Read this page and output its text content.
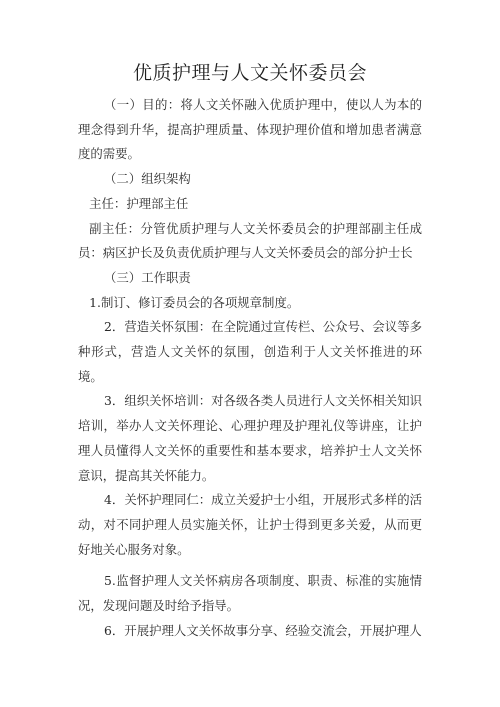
优质护理与人文关怀委员会

（一）目的：将人文关怀融入优质护理中，使以人为本的理念得到升华，提高护理质量、体现护理价值和增加患者满意度的需要。

（二）组织架构

主任：护理部主任

副主任：分管优质护理与人文关怀委员会的护理部副主任成员：病区护长及负责优质护理与人文关怀委员会的部分护士长

（三）工作职责

1.制订、修订委员会的各项规章制度。

2．营造关怀氛围：在全院通过宣传栏、公众号、会议等多种形式，营造人文关怀的氛围，创造利于人文关怀推进的环境。

3．组织关怀培训：对各级各类人员进行人文关怀相关知识培训，举办人文关怀理论、心理护理及护理礼仪等讲座，让护理人员懂得人文关怀的重要性和基本要求，培养护士人文关怀意识，提高其关怀能力。

4．关怀护理同仁：成立关爱护士小组，开展形式多样的活动，对不同护理人员实施关怀，让护士得到更多关爱，从而更好地关心服务对象。

5.监督护理人文关怀病房各项制度、职责、标准的实施情况，发现问题及时给予指导。

6．开展护理人文关怀故事分享、经验交流会，开展护理人
